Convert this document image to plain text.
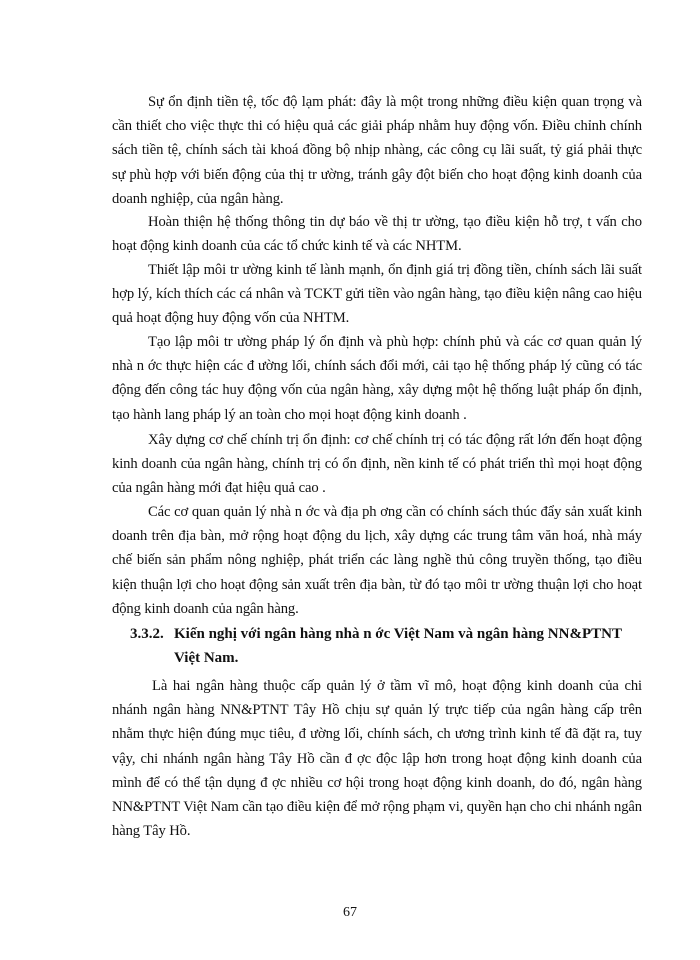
Sự ổn định tiền tệ, tốc độ lạm phát: đây là một trong những điều kiện quan trọng và cần thiết cho việc thực thi có hiệu quả các giải pháp nhằm huy động vốn. Điều chỉnh chính sách tiền tệ, chính sách tài khoá đồng bộ nhịp nhàng, các công cụ lãi suất, tỷ giá phải thực sự phù hợp với biến động của thị tr ường, tránh gây đột biến cho hoạt động kinh doanh của doanh nghiệp, của ngân hàng.

Hoàn thiện hệ thống thông tin dự báo về thị tr ường, tạo điều kiện hỗ trợ, t vấn cho hoạt động kinh doanh của các tổ chức kinh tế và các NHTM.

Thiết lập môi tr ường kinh tế lành mạnh, ổn định giá trị đồng tiền, chính sách lãi suất hợp lý, kích thích các cá nhân và TCKT gửi tiền vào ngân hàng, tạo điều kiện nâng cao hiệu quả hoạt động huy động vốn của NHTM.

Tạo lập môi tr ường pháp lý ổn định và phù hợp: chính phủ và các cơ quan quản lý nhà n ớc thực hiện các đ ường lối, chính sách đổi mới, cải tạo hệ thống pháp lý cũng có tác động đến công tác huy động vốn của ngân hàng, xây dựng một hệ thống luật pháp ổn định, tạo hành lang pháp lý an toàn cho mọi hoạt động kinh doanh .

Xây dựng cơ chế chính trị ổn định: cơ chế chính trị có tác động rất lớn đến hoạt động kinh doanh của ngân hàng, chính trị có ổn định, nền kinh tế có phát triển thì mọi hoạt động của ngân hàng mới đạt hiệu quả cao .

Các cơ quan quản lý nhà n ớc và địa ph ơng cần có chính sách thúc đẩy sản xuất kinh doanh trên địa bàn, mở rộng hoạt động du lịch, xây dựng các trung tâm văn hoá, nhà máy chế biến sản phẩm nông nghiệp, phát triển các làng nghề thủ công truyền thống, tạo điều kiện thuận lợi cho hoạt động sản xuất trên địa bàn, từ đó tạo môi tr ường thuận lợi cho hoạt động kinh doanh của ngân hàng.

3.3.2. Kiến nghị với ngân hàng nhà n ớc Việt Nam và ngân hàng NN&PTNT
Việt Nam.

Là hai ngân hàng thuộc cấp quản lý ở tầm vĩ mô, hoạt động kinh doanh của chi nhánh ngân hàng NN&PTNT Tây Hồ chịu sự quản lý trực tiếp của ngân hàng cấp trên nhằm thực hiện đúng mục tiêu, đ ường lối, chính sách, ch ương trình kinh tế đã đặt ra, tuy vậy, chi nhánh ngân hàng Tây Hồ cần đ ợc độc lập hơn trong hoạt động kinh doanh của mình để có thể tận dụng đ ợc nhiều cơ hội trong hoạt động kinh doanh, do đó, ngân hàng NN&PTNT Việt Nam cần tạo điều kiện để mở rộng phạm vi, quyền hạn cho chi nhánh ngân hàng Tây Hồ.

67
